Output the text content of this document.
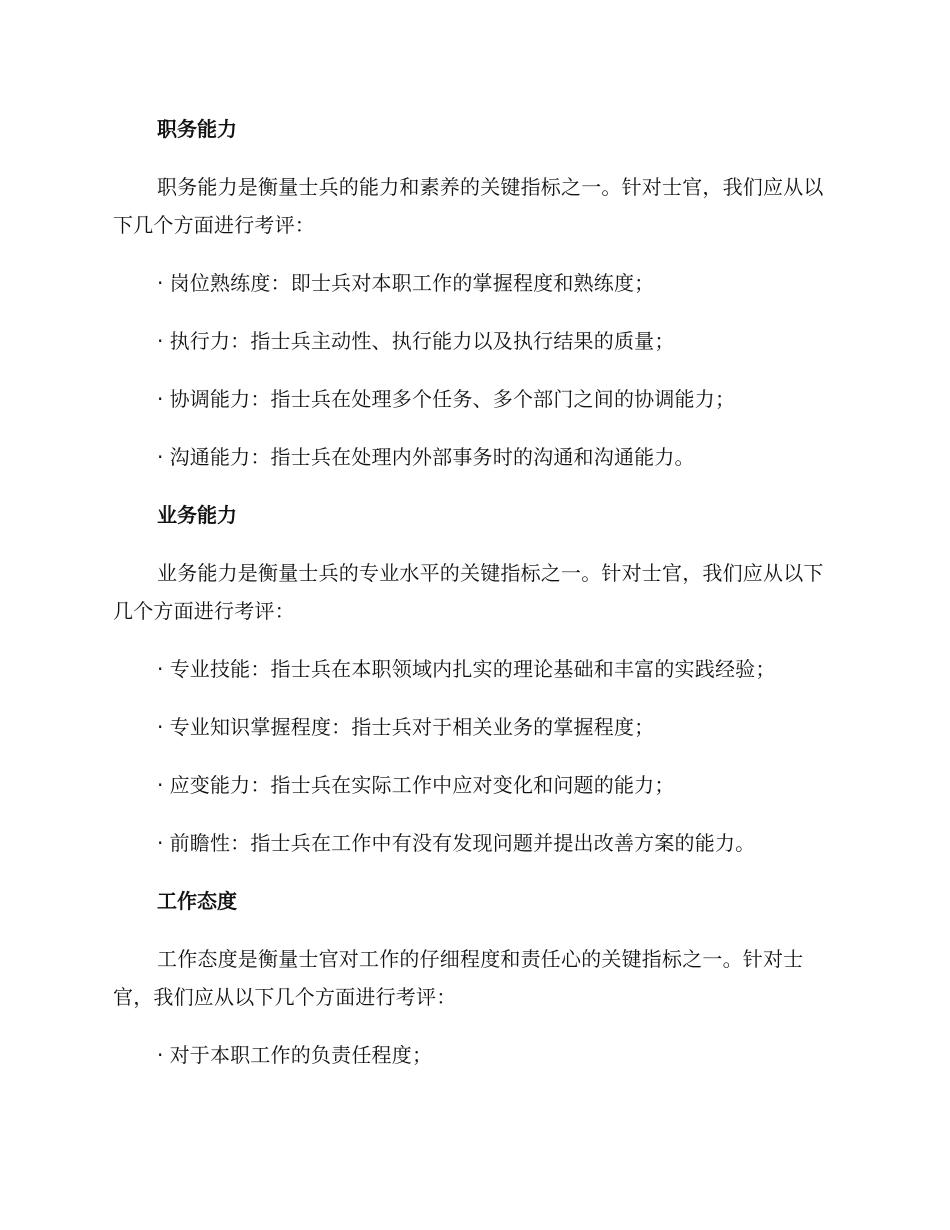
职务能力
职务能力是衡量士兵的能力和素养的关键指标之一。针对士官，我们应从以下几个方面进行考评：
· 岗位熟练度：即士兵对本职工作的掌握程度和熟练度；
· 执行力：指士兵主动性、执行能力以及执行结果的质量；
· 协调能力：指士兵在处理多个任务、多个部门之间的协调能力；
· 沟通能力：指士兵在处理内外部事务时的沟通和沟通能力。
业务能力
业务能力是衡量士兵的专业水平的关键指标之一。针对士官，我们应从以下几个方面进行考评：
· 专业技能：指士兵在本职领域内扎实的理论基础和丰富的实践经验；
· 专业知识掌握程度：指士兵对于相关业务的掌握程度；
· 应变能力：指士兵在实际工作中应对变化和问题的能力；
· 前瞻性：指士兵在工作中有没有发现问题并提出改善方案的能力。
工作态度
工作态度是衡量士官对工作的仔细程度和责任心的关键指标之一。针对士官，我们应从以下几个方面进行考评：
· 对于本职工作的负责任程度；
